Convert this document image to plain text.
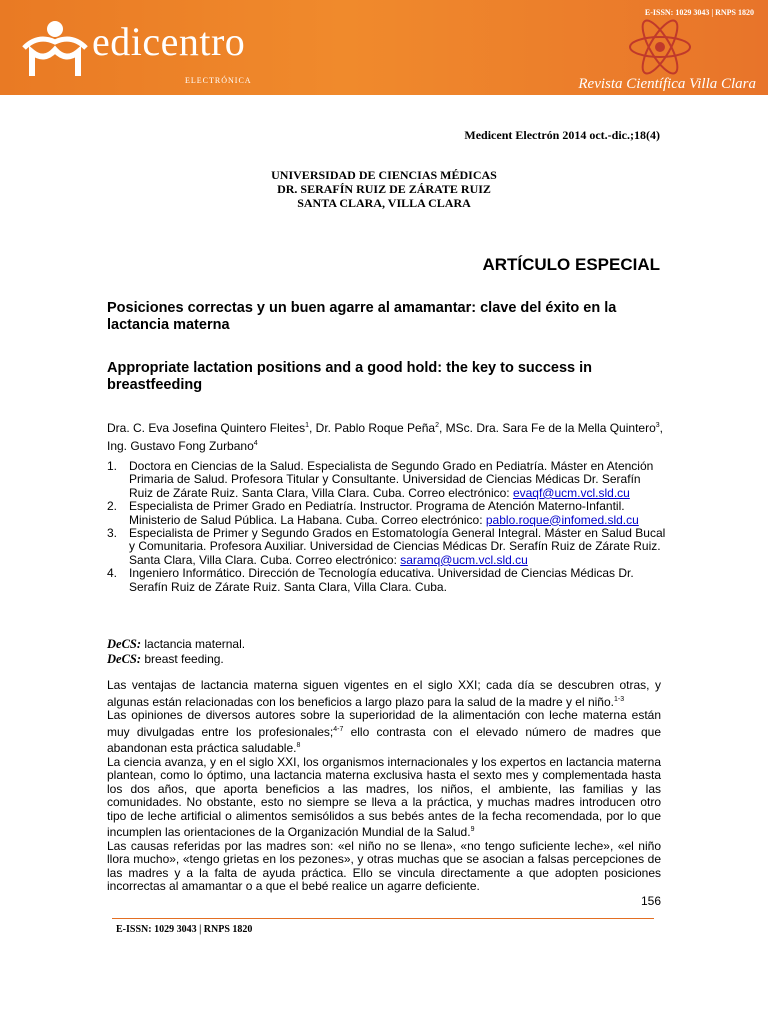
edicentro
ELECTRÓNICA
E-ISSN: 1029 3043 | RNPS 1820
Revista Científica Villa Clara
Medicent Electrón 2014 oct.-dic.;18(4)
UNIVERSIDAD DE CIENCIAS MÉDICAS
DR. SERAFÍN RUIZ DE ZÁRATE RUIZ
SANTA CLARA, VILLA CLARA
ARTÍCULO ESPECIAL
Posiciones correctas y un buen agarre al amamantar: clave del éxito en la lactancia materna
Appropriate lactation positions and a good hold: the key to success in breastfeeding
Dra. C. Eva Josefina Quintero Fleites$^1$, Dr. Pablo Roque Peña$^2$, MSc. Dra. Sara Fe de la Mella Quintero$^3$, Ing. Gustavo Fong Zurbano$^4$
1. Doctora en Ciencias de la Salud. Especialista de Segundo Grado en Pediatría. Máster en Atención Primaria de Salud. Profesora Titular y Consultante. Universidad de Ciencias Médicas Dr. Serafín Ruiz de Zárate Ruiz. Santa Clara, Villa Clara. Cuba. Correo electrónico: evaqf@ucm.vcl.sld.cu
2. Especialista de Primer Grado en Pediatría. Instructor. Programa de Atención Materno-Infantil. Ministerio de Salud Pública. La Habana. Cuba. Correo electrónico: pablo.roque@infomed.sld.cu
3. Especialista de Primer y Segundo Grados en Estomatología General Integral. Máster en Salud Bucal y Comunitaria. Profesora Auxiliar. Universidad de Ciencias Médicas Dr. Serafín Ruiz de Zárate Ruiz. Santa Clara, Villa Clara. Cuba. Correo electrónico: saramq@ucm.vcl.sld.cu
4. Ingeniero Informático. Dirección de Tecnología educativa. Universidad de Ciencias Médicas Dr. Serafín Ruiz de Zárate Ruiz. Santa Clara, Villa Clara. Cuba.
DeCS: lactancia maternal.
DeCS: breast feeding.

Las ventajas de lactancia materna siguen vigentes en el siglo XXI; cada día se descubren otras, y algunas están relacionadas con los beneficios a largo plazo para la salud de la madre y el niño.$^{1-3}$

Las opiniones de diversos autores sobre la superioridad de la alimentación con leche materna están muy divulgadas entre los profesionales;$^{4-7}$ ello contrasta con el elevado número de madres que abandonan esta práctica saludable.$^8$

La ciencia avanza, y en el siglo XXI, los organismos internacionales y los expertos en lactancia materna plantean, como lo óptimo, una lactancia materna exclusiva hasta el sexto mes y complementada hasta los dos años, que aporta beneficios a las madres, los niños, el ambiente, las familias y las comunidades. No obstante, esto no siempre se lleva a la práctica, y muchas madres introducen otro tipo de leche artificial o alimentos semisólidos a sus bebés antes de la fecha recomendada, por lo que incumplen las orientaciones de la Organización Mundial de la Salud.$^9$

Las causas referidas por las madres son: «el niño no se llena», «no tengo suficiente leche», «el niño llora mucho», «tengo grietas en los pezones», y otras muchas que se asocian a falsas percepciones de las madres y a la falta de ayuda práctica. Ello se vincula directamente a que adopten posiciones incorrectas al amamantar o a que el bebé realice un agarre deficiente.

156
E-ISSN: 1029 3043 | RNPS 1820
